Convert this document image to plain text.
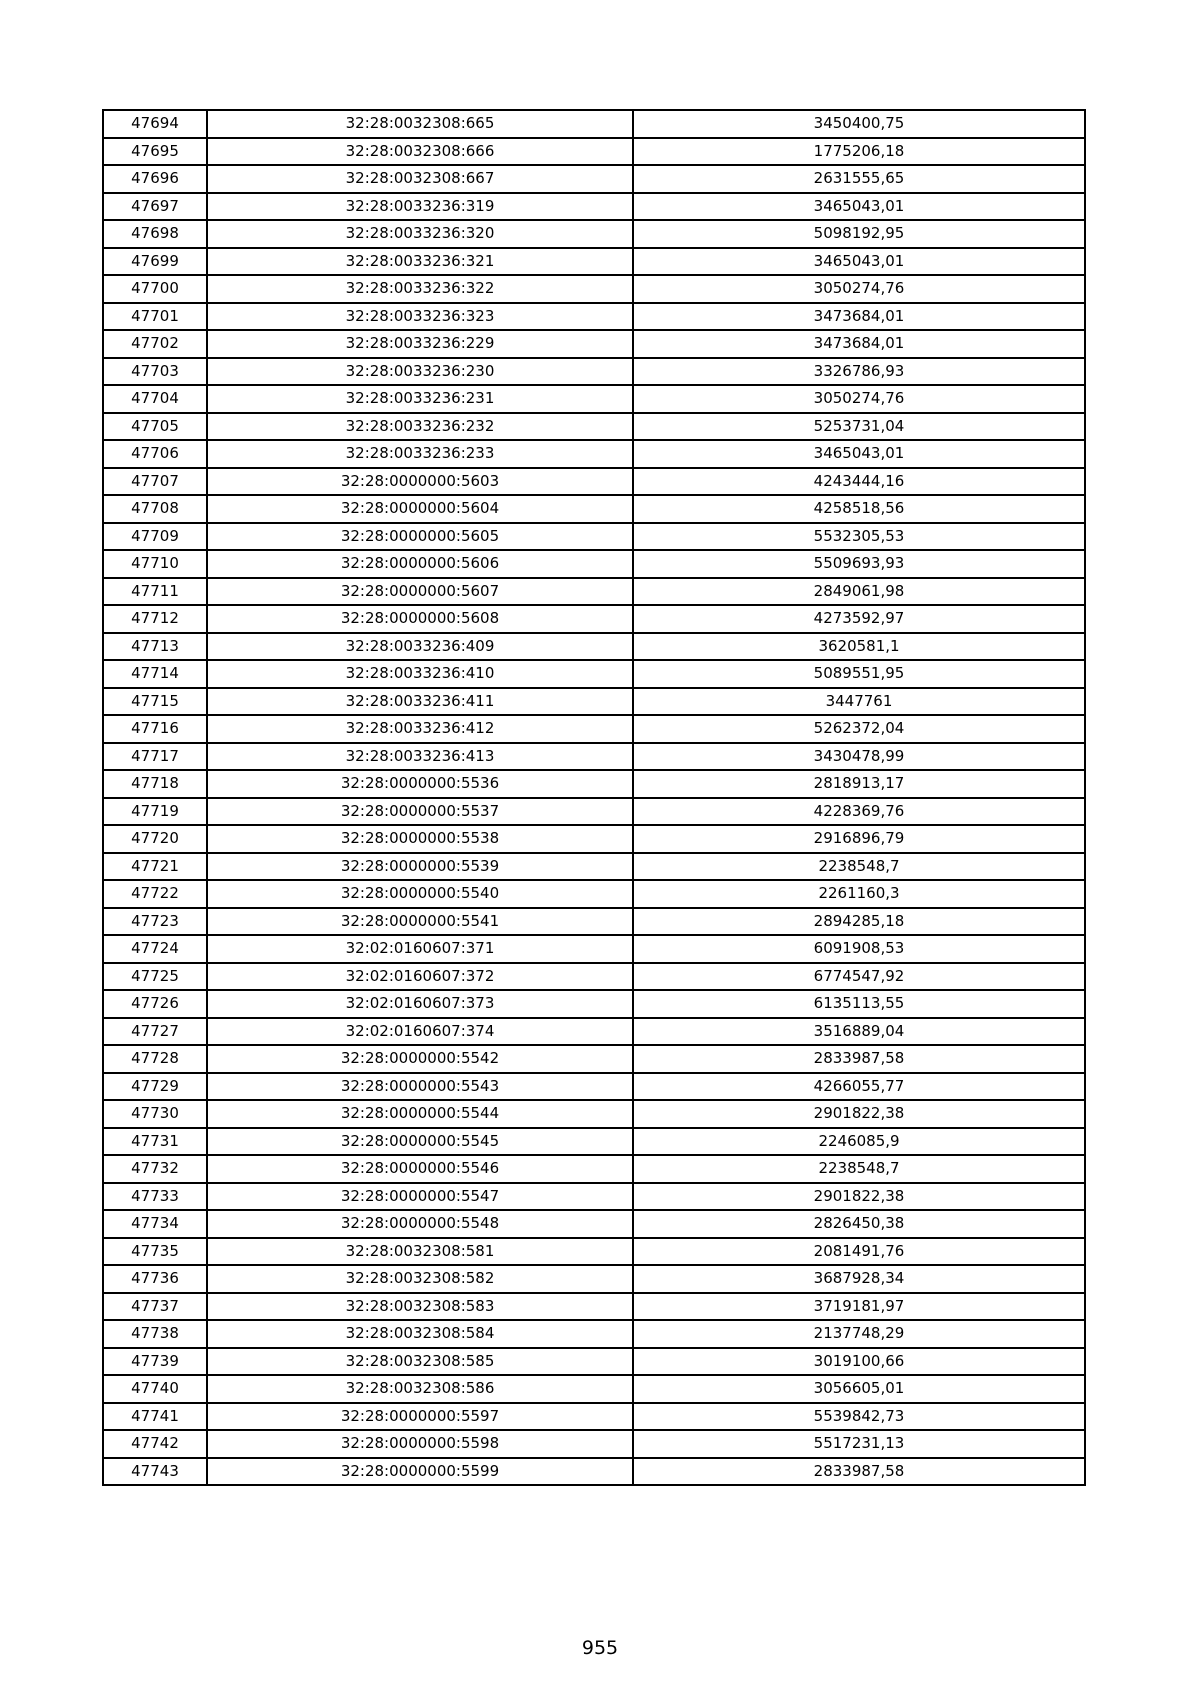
47694	32:28:0032308:665	3450400,75
47695	32:28:0032308:666	1775206,18
47696	32:28:0032308:667	2631555,65
47697	32:28:0033236:319	3465043,01
47698	32:28:0033236:320	5098192,95
47699	32:28:0033236:321	3465043,01
47700	32:28:0033236:322	3050274,76
47701	32:28:0033236:323	3473684,01
47702	32:28:0033236:229	3473684,01
47703	32:28:0033236:230	3326786,93
47704	32:28:0033236:231	3050274,76
47705	32:28:0033236:232	5253731,04
47706	32:28:0033236:233	3465043,01
47707	32:28:0000000:5603	4243444,16
47708	32:28:0000000:5604	4258518,56
47709	32:28:0000000:5605	5532305,53
47710	32:28:0000000:5606	5509693,93
47711	32:28:0000000:5607	2849061,98
47712	32:28:0000000:5608	4273592,97
47713	32:28:0033236:409	3620581,1
47714	32:28:0033236:410	5089551,95
47715	32:28:0033236:411	3447761
47716	32:28:0033236:412	5262372,04
47717	32:28:0033236:413	3430478,99
47718	32:28:0000000:5536	2818913,17
47719	32:28:0000000:5537	4228369,76
47720	32:28:0000000:5538	2916896,79
47721	32:28:0000000:5539	2238548,7
47722	32:28:0000000:5540	2261160,3
47723	32:28:0000000:5541	2894285,18
47724	32:02:0160607:371	6091908,53
47725	32:02:0160607:372	6774547,92
47726	32:02:0160607:373	6135113,55
47727	32:02:0160607:374	3516889,04
47728	32:28:0000000:5542	2833987,58
47729	32:28:0000000:5543	4266055,77
47730	32:28:0000000:5544	2901822,38
47731	32:28:0000000:5545	2246085,9
47732	32:28:0000000:5546	2238548,7
47733	32:28:0000000:5547	2901822,38
47734	32:28:0000000:5548	2826450,38
47735	32:28:0032308:581	2081491,76
47736	32:28:0032308:582	3687928,34
47737	32:28:0032308:583	3719181,97
47738	32:28:0032308:584	2137748,29
47739	32:28:0032308:585	3019100,66
47740	32:28:0032308:586	3056605,01
47741	32:28:0000000:5597	5539842,73
47742	32:28:0000000:5598	5517231,13
47743	32:28:0000000:5599	2833987,58
955
